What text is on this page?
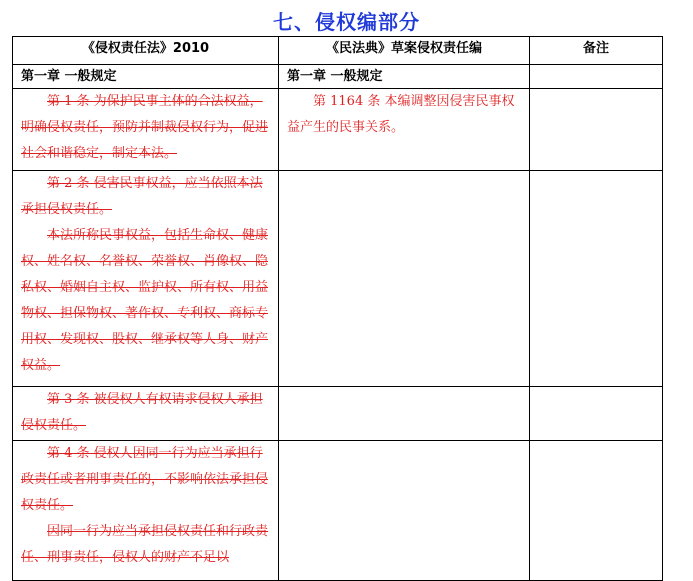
七、侵权编部分
《侵权责任法》2010	《民法典》草案侵权责任编	备注
第一章 一般规定	第一章 一般规定	

第 1 条 为保护民事主体的合法权益，明确侵权责任，预防并制裁侵权行为，促进社会和谐稳定，制定本法。	第 1164 条 本编调整因侵害民事权益产生的民事关系。	

第 2 条 侵害民事权益，应当依照本法承担侵权责任。

本法所称民事权益，包括生命权、健康权、姓名权、名誉权、荣誉权、肖像权、隐私权、婚姻自主权、监护权、所有权、用益物权、担保物权、著作权、专利权、商标专用权、发现权、股权、继承权等人身、财产权益。		

第 3 条 被侵权人有权请求侵权人承担侵权责任。		

第 4 条 侵权人因同一行为应当承担行政责任或者刑事责任的，不影响依法承担侵权责任。

因同一行为应当承担侵权责任和行政责任、刑事责任，侵权人的财产不足以		
